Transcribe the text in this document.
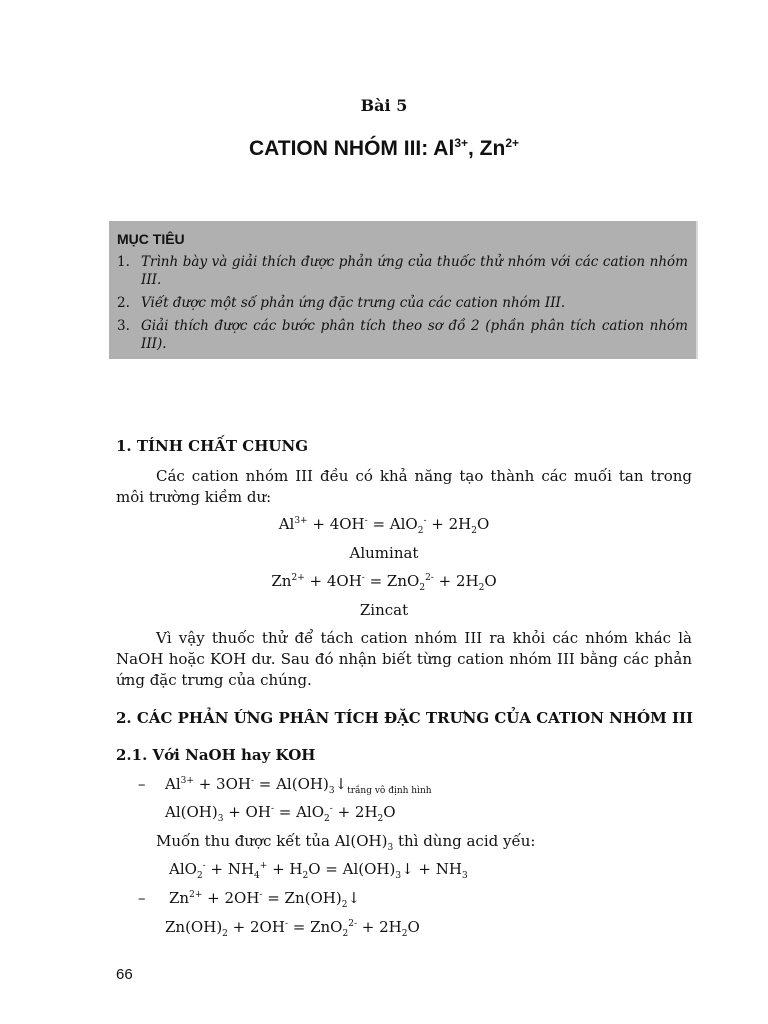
Bài 5
CATION NHÓM III: $Al^{3+}$, $Zn^{2+}$
MỤC TIÊU
1. Trình bày và giải thích được phản ứng của thuốc thử nhóm với các cation nhóm III.
2. Viết được một số phản ứng đặc trưng của các cation nhóm III.
3. Giải thích được các bước phân tích theo sơ đồ 2 (phần phân tích cation nhóm III).
1. TÍNH CHẤT CHUNG
Các cation nhóm III đều có khả năng tạo thành các muối tan trong môi trường kiềm dư:
$Al^{3+} + 4OH^- = AlO_2^- + 2H_2O$
Aluminat
$Zn^{2+} + 4OH^- = ZnO_2^{2-} + 2H_2O$
Zincat
Vì vậy thuốc thử để tách cation nhóm III ra khỏi các nhóm khác là NaOH hoặc KOH dư. Sau đó nhận biết từng cation nhóm III bằng các phản ứng đặc trưng của chúng.
2. CÁC PHẢN ỨNG PHÂN TÍCH ĐẶC TRƯNG CỦA CATION NHÓM III
2.1. Với NaOH hay KOH
– $Al^{3+} + 3OH^-$ = $Al(OH)_3↓_{trắng vô định hình}$
$Al(OH)_3 + OH^- = AlO_2^- + 2H_2O$
Muốn thu được kết tủa $Al(OH)_3$ thì dùng acid yếu:
$AlO_2^- + NH_4^+ + H_2O$ = $Al(OH)_3↓ + NH_3$
– $Zn^{2+} + 2OH^-$ = $Zn(OH)_2↓$
$Zn(OH)_2 + 2OH^- = ZnO_2^{2-} + 2H_2O$
66
